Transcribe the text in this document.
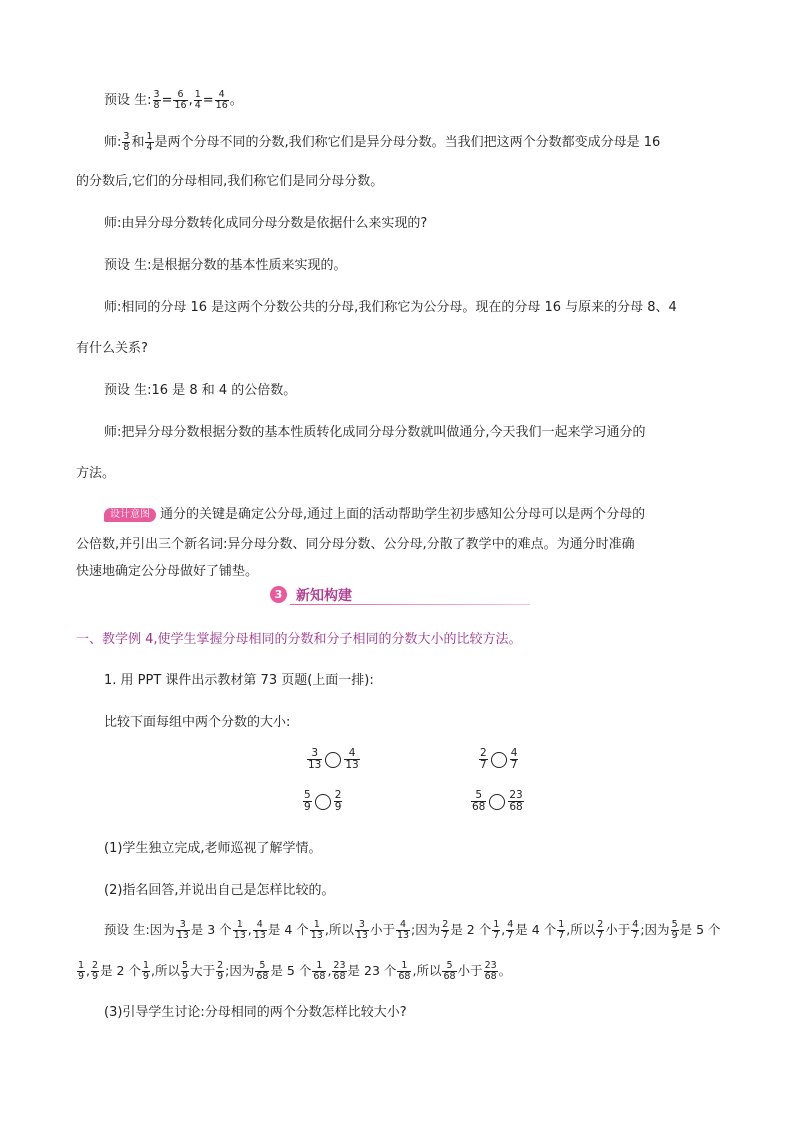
预设 生: $\frac{3}{8} = \frac{6}{16}$ , $\frac{1}{4} = \frac{4}{16}$ 。
师: $\frac{3}{8}$ 和 $\frac{1}{4}$ 是两个分母不同的分数,我们称它们是异分母分数。当我们把这两个分数都变成分母是 16
的分数后,它们的分母相同,我们称它们是同分母分数。
师:由异分母分数转化成同分母分数是依据什么来实现的?
预设 生:是根据分数的基本性质来实现的。
师:相同的分母 16 是这两个分数公共的分母,我们称它为公分母。现在的分母 16 与原来的分母 8、4
有什么关系?
预设 生:16 是 8 和 4 的公倍数。
师:把异分母分数根据分数的基本性质转化成同分母分数就叫做通分,今天我们一起来学习通分的
方法。
设计意图 通分的关键是确定公分母,通过上面的活动帮助学生初步感知公分母可以是两个分母的
公倍数,并引出三个新名词:异分母分数、同分母分数、公分母,分散了教学中的难点。为通分时准确
快速地确定公分母做好了铺垫。
3 新知构建
一、教学例 4,使学生掌握分母相同的分数和分子相同的分数大小的比较方法。
1. 用 PPT 课件出示教材第 73 页题(上面一排):
比较下面每组中两个分数的大小:
3
13
4
13
2
7
4
7
5
9
2
9
5
68
23
68
(1)学生独立完成,老师巡视了解学情。
(2)指名回答,并说出自己是怎样比较的。
预设 生:因为 $\frac{3}{13}$ 是 3 个 $\frac{1}{13}$ , $\frac{4}{13}$ 是 4 个 $\frac{1}{13}$ ,所以 $\frac{3}{13}$ 小于 $\frac{4}{13}$ ;因为 $\frac{2}{7}$ 是 2 个 $\frac{1}{7}$ , $\frac{4}{7}$ 是 4 个 $\frac{1}{7}$ ,所以 $\frac{2}{7}$ 小于 $\frac{4}{7}$ ;因为 $\frac{5}{9}$ 是 5 个
$\frac{1}{9}$ , $\frac{2}{9}$ 是 2 个 $\frac{1}{9}$ ,所以 $\frac{5}{9}$ 大于 $\frac{2}{9}$ ;因为 $\frac{5}{68}$ 是 5 个 $\frac{1}{68}$ , $\frac{23}{68}$ 是 23 个 $\frac{1}{68}$ ,所以 $\frac{5}{68}$ 小于 $\frac{23}{68}$ 。
(3)引导学生讨论:分母相同的两个分数怎样比较大小?
